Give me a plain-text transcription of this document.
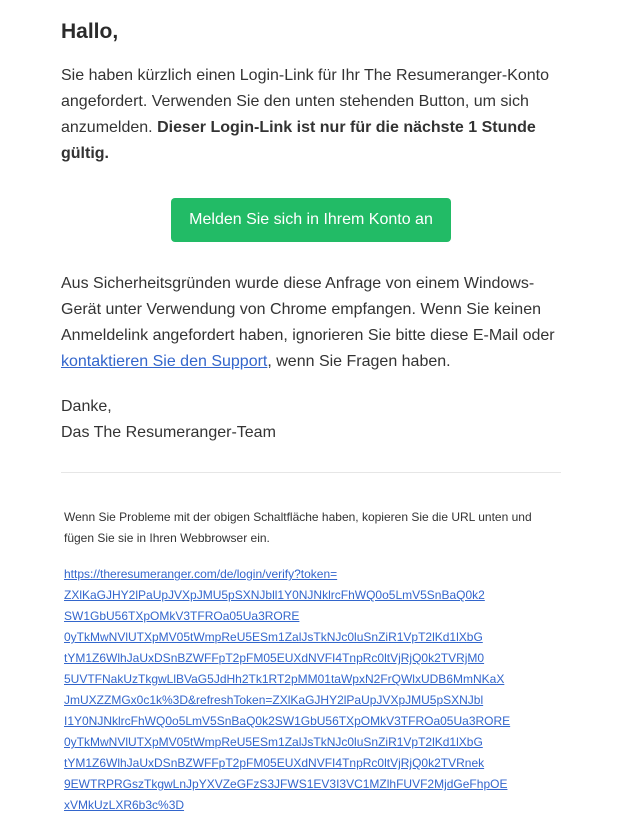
Hallo,

Sie haben kürzlich einen Login-Link für Ihr The Resumeranger-Konto angefordert. Verwenden Sie den unten stehenden Button, um sich anzumelden. Dieser Login-Link ist nur für die nächste 1 Stunde gültig.

Melden Sie sich in Ihrem Konto an

Aus Sicherheitsgründen wurde diese Anfrage von einem Windows-Gerät unter Verwendung von Chrome empfangen. Wenn Sie keinen Anmeldelink angefordert haben, ignorieren Sie bitte diese E-Mail oder kontaktieren Sie den Support, wenn Sie Fragen haben.

Danke,
Das The Resumeranger-Team

Wenn Sie Probleme mit der obigen Schaltfläche haben, kopieren Sie die URL unten und fügen Sie sie in Ihren Webbrowser ein.

https://theresumeranger.com/de/login/verify?token=
ZXlKaGJHY2lPaUpJVXpJMU5pSXNJbll1Y0NJNklrcFhWQ0o5LmV5SnBaQ0k2
SW1GbU56TXpOMkV3TFROa05Ua3RORE
0yTkMwNVlUTXpMV05tWmpReU5ESm1ZalJsTkNJc0luSnZiR1VpT2lKd1lXbG
tYM1Z6WlhJaUxDSnBZWFFpT2pFM05EUXdNVFI4TnpRc0ltVjRjQ0k2TVRjM0
5UVTFNakUzTkgwLlBVaG5JdHh2Tk1RT2pMM01taWpxN2FrQWlxUDB6MmNKaX
JmUXZZMGx0c1k%3D&refreshToken=ZXlKaGJHY2lPaUpJVXpJMU5pSXNJbl
I1Y0NJNklrcFhWQ0o5LmV5SnBaQ0k2SW1GbU56TXpOMkV3TFROa05Ua3RORE
0yTkMwNVlUTXpMV05tWmpReU5ESm1ZalJsTkNJc0luSnZiR1VpT2lKd1lXbG
tYM1Z6WlhJaUxDSnBZWFFpT2pFM05EUXdNVFI4TnpRc0ltVjRjQ0k2TVRnek
9EWTRPRGszTkgwLnJpYXVZeGFzS3JFWS1EV3I3VC1MZlhFUVF2MjdGeFhpOE
xVMkUzLXR6b3c%3D
